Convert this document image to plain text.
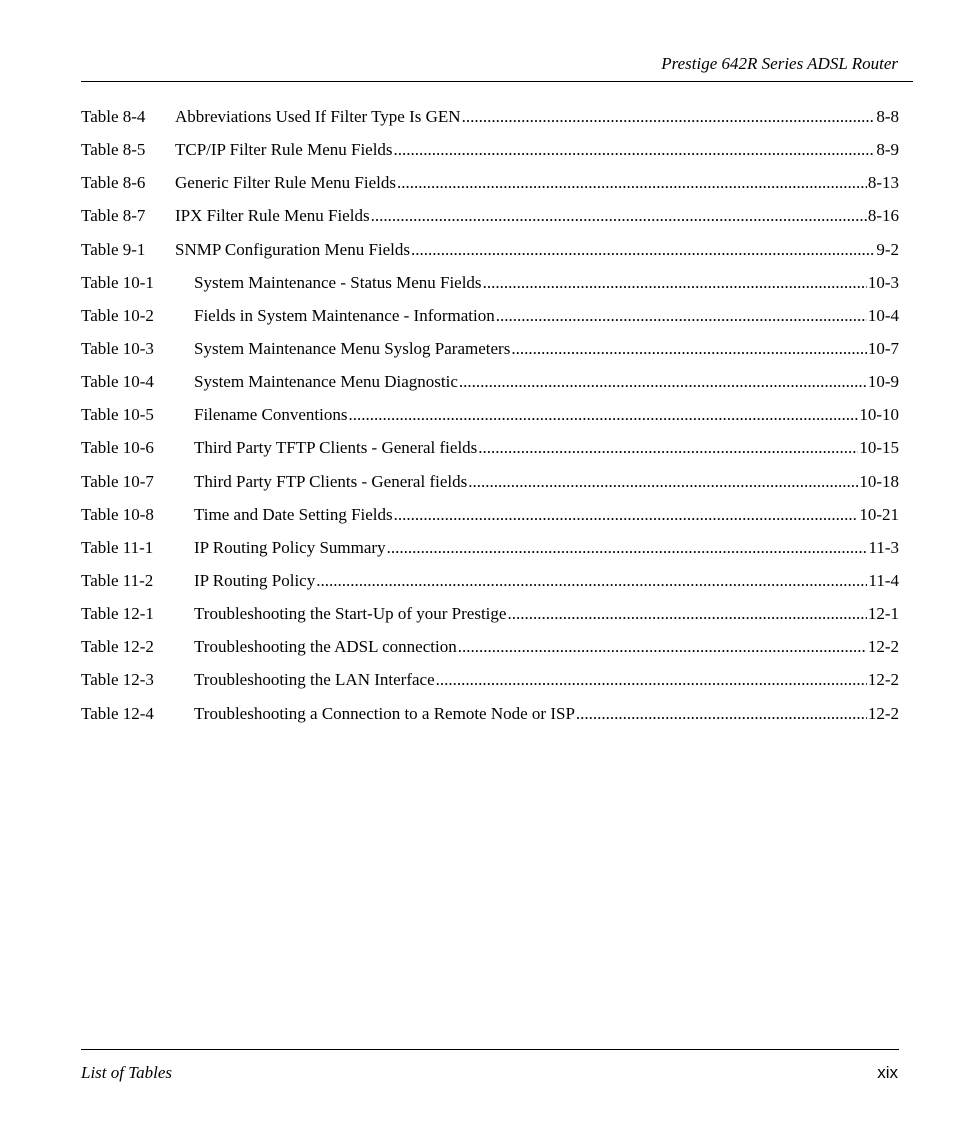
Prestige 642R Series ADSL Router
Table 8-4	Abbreviations Used If Filter Type Is GEN .....	8-8
Table 8-5	TCP/IP Filter Rule Menu Fields .....	8-9
Table 8-6	Generic Filter Rule Menu Fields .....	8-13
Table 8-7	IPX Filter Rule Menu Fields .....	8-16
Table 9-1	SNMP Configuration Menu Fields .....	9-2
Table 10-1	System Maintenance - Status Menu Fields .....	10-3
Table 10-2	Fields in System Maintenance - Information .....	10-4
Table 10-3	System Maintenance Menu Syslog Parameters .....	10-7
Table 10-4	System Maintenance Menu Diagnostic .....	10-9
Table 10-5	Filename Conventions .....	10-10
Table 10-6	Third Party TFTP Clients - General fields .....	10-15
Table 10-7	Third Party FTP Clients - General fields .....	10-18
Table 10-8	Time and Date Setting Fields .....	10-21
Table 11-1	IP Routing Policy Summary .....	11-3
Table 11-2	IP Routing Policy .....	11-4
Table 12-1	Troubleshooting the Start-Up of your Prestige .....	12-1
Table 12-2	Troubleshooting the ADSL connection .....	12-2
Table 12-3	Troubleshooting the LAN Interface .....	12-2
Table 12-4	Troubleshooting a Connection to a Remote Node or ISP .....	12-2
List of Tables	xix
